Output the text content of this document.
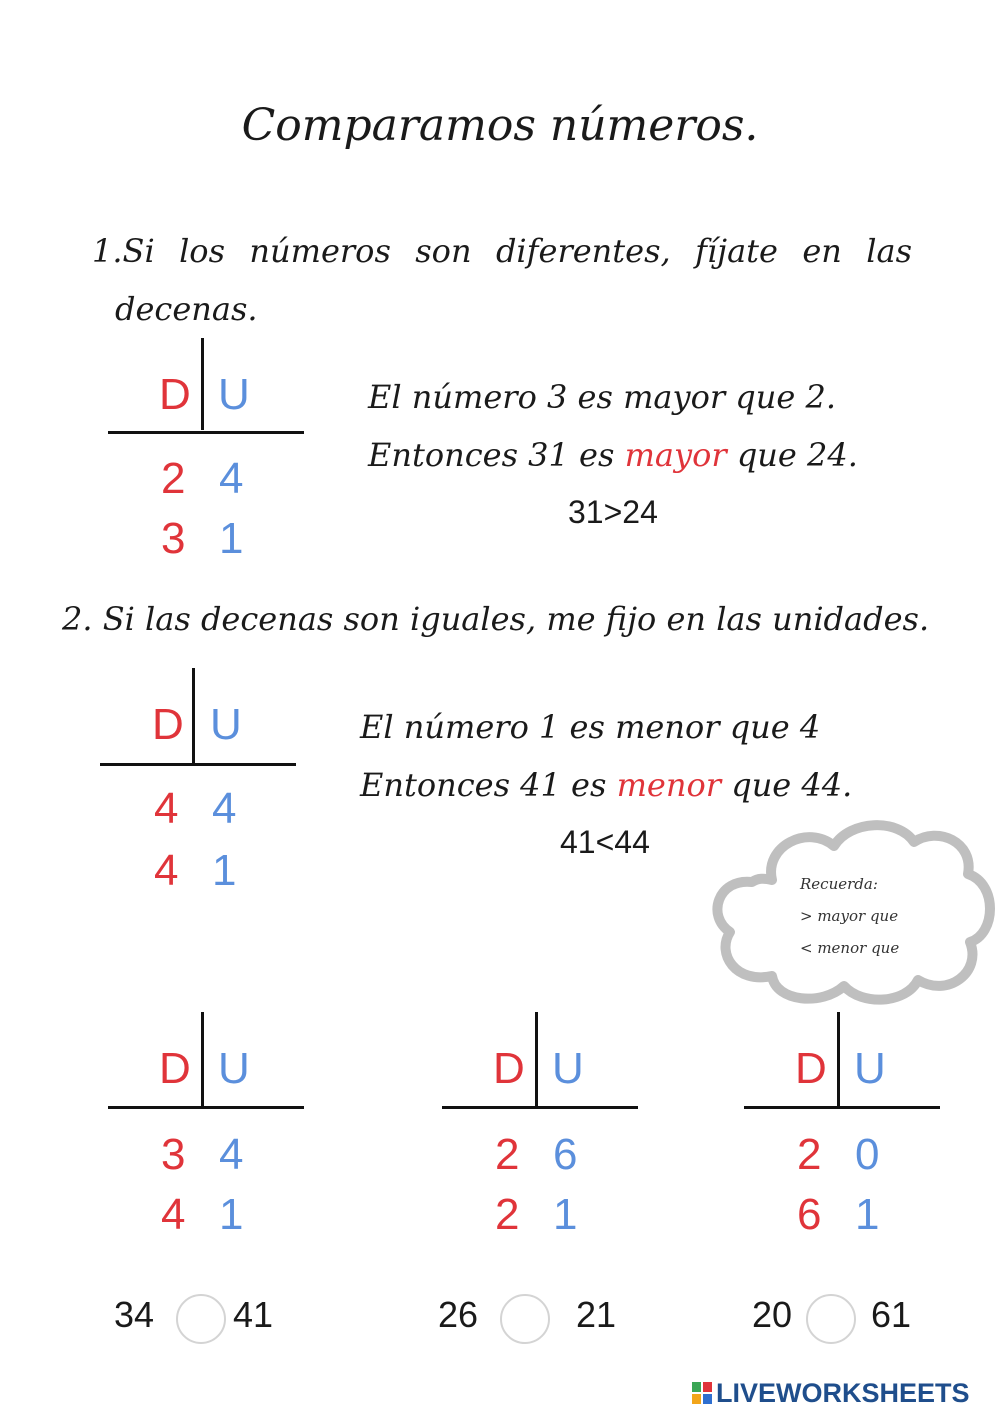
Comparamos números.
1.Si los números son diferentes, fíjate en las
decenas.
D U
2 4
3 1
El número 3 es mayor que 2.
Entonces 31 es mayor que 24.
31>24
2. Si las decenas son iguales, me fijo en las unidades.
D U
4 4
4 1
El número 1 es menor que 4
Entonces 41 es menor que 44.
41<44
Recuerda:
> mayor que
< menor que
D U
3 4
4 1
D U
2 6
2 1
D U
2 0
6 1
34 41	26	21	20 61
LIVEWORKSHEETS
